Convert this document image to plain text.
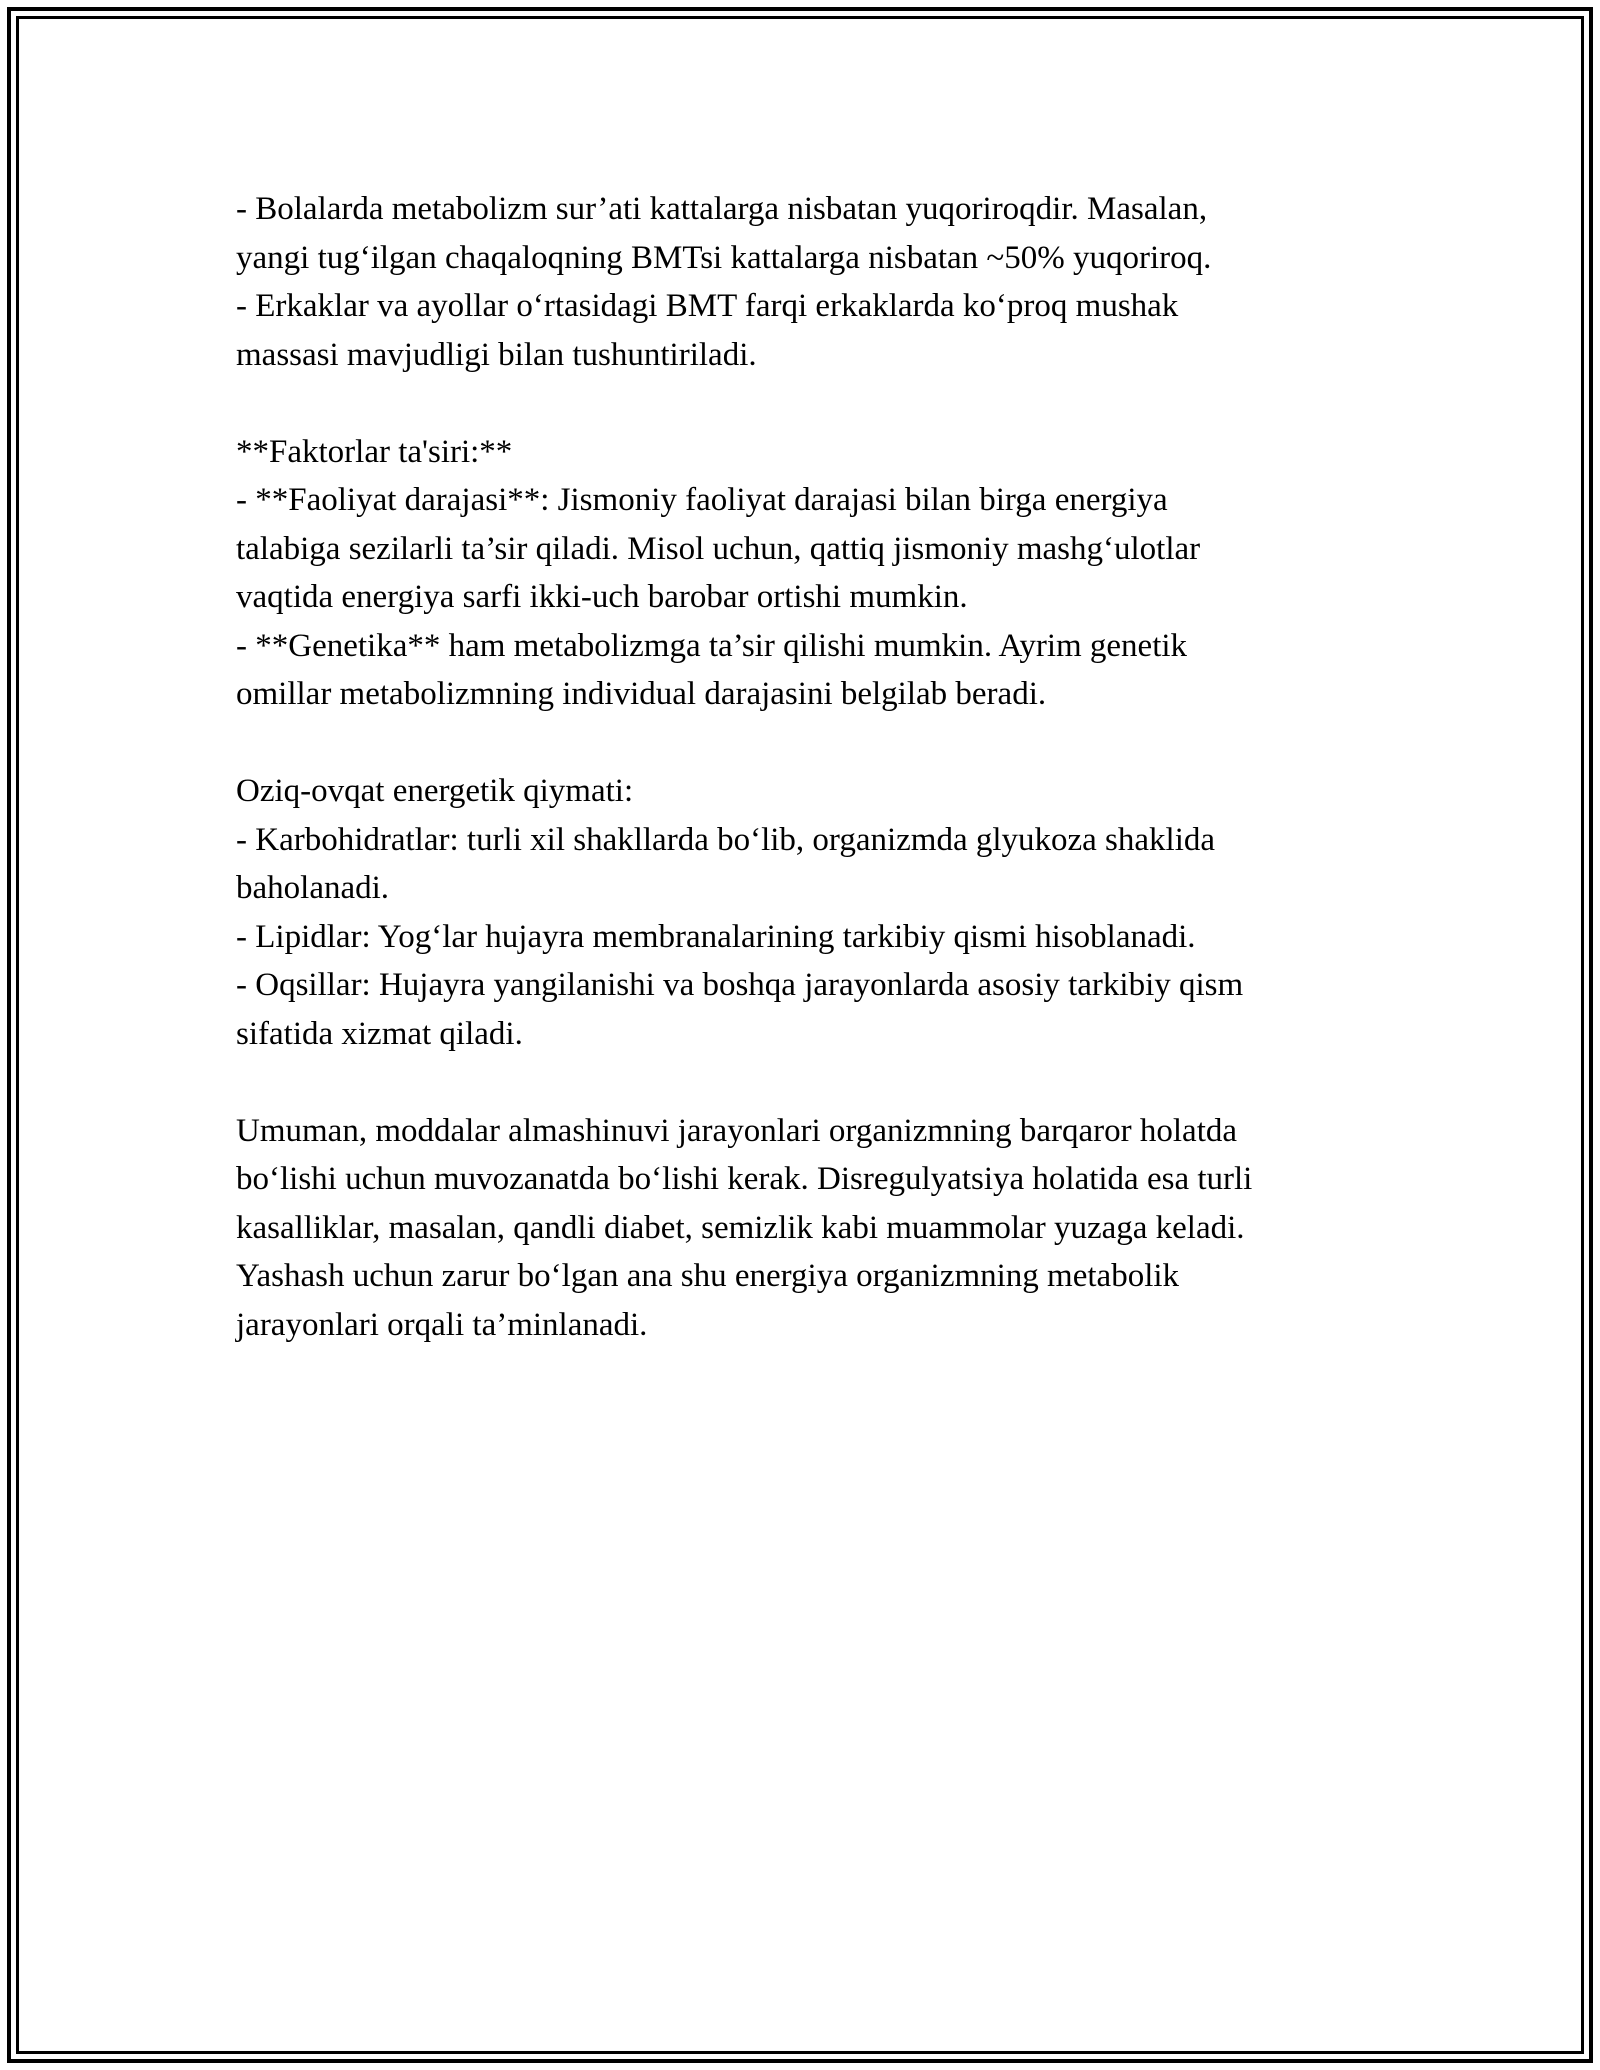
- Bolalarda metabolizm sur’ati kattalarga nisbatan yuqoriroqdir. Masalan,
yangi tug‘ilgan chaqaloqning BMTsi kattalarga nisbatan ~50% yuqoriroq.
- Erkaklar va ayollar o‘rtasidagi BMT farqi erkaklarda ko‘proq mushak
massasi mavjudligi bilan tushuntiriladi.
**Faktorlar ta'siri:**
- **Faoliyat darajasi**: Jismoniy faoliyat darajasi bilan birga energiya
talabiga sezilarli ta’sir qiladi. Misol uchun, qattiq jismoniy mashg‘ulotlar
vaqtida energiya sarfi ikki-uch barobar ortishi mumkin.
- **Genetika** ham metabolizmga ta’sir qilishi mumkin. Ayrim genetik
omillar metabolizmning individual darajasini belgilab beradi.
Oziq-ovqat energetik qiymati:
- Karbohidratlar: turli xil shakllarda bo‘lib, organizmda glyukoza shaklida
baholanadi.
- Lipidlar: Yog‘lar hujayra membranalarining tarkibiy qismi hisoblanadi.
- Oqsillar: Hujayra yangilanishi va boshqa jarayonlarda asosiy tarkibiy qism
sifatida xizmat qiladi.
Umuman, moddalar almashinuvi jarayonlari organizmning barqaror holatda
bo‘lishi uchun muvozanatda bo‘lishi kerak. Disregulyatsiya holatida esa turli
kasalliklar, masalan, qandli diabet, semizlik kabi muammolar yuzaga keladi.
Yashash uchun zarur bo‘lgan ana shu energiya organizmning metabolik
jarayonlari orqali ta’minlanadi.
